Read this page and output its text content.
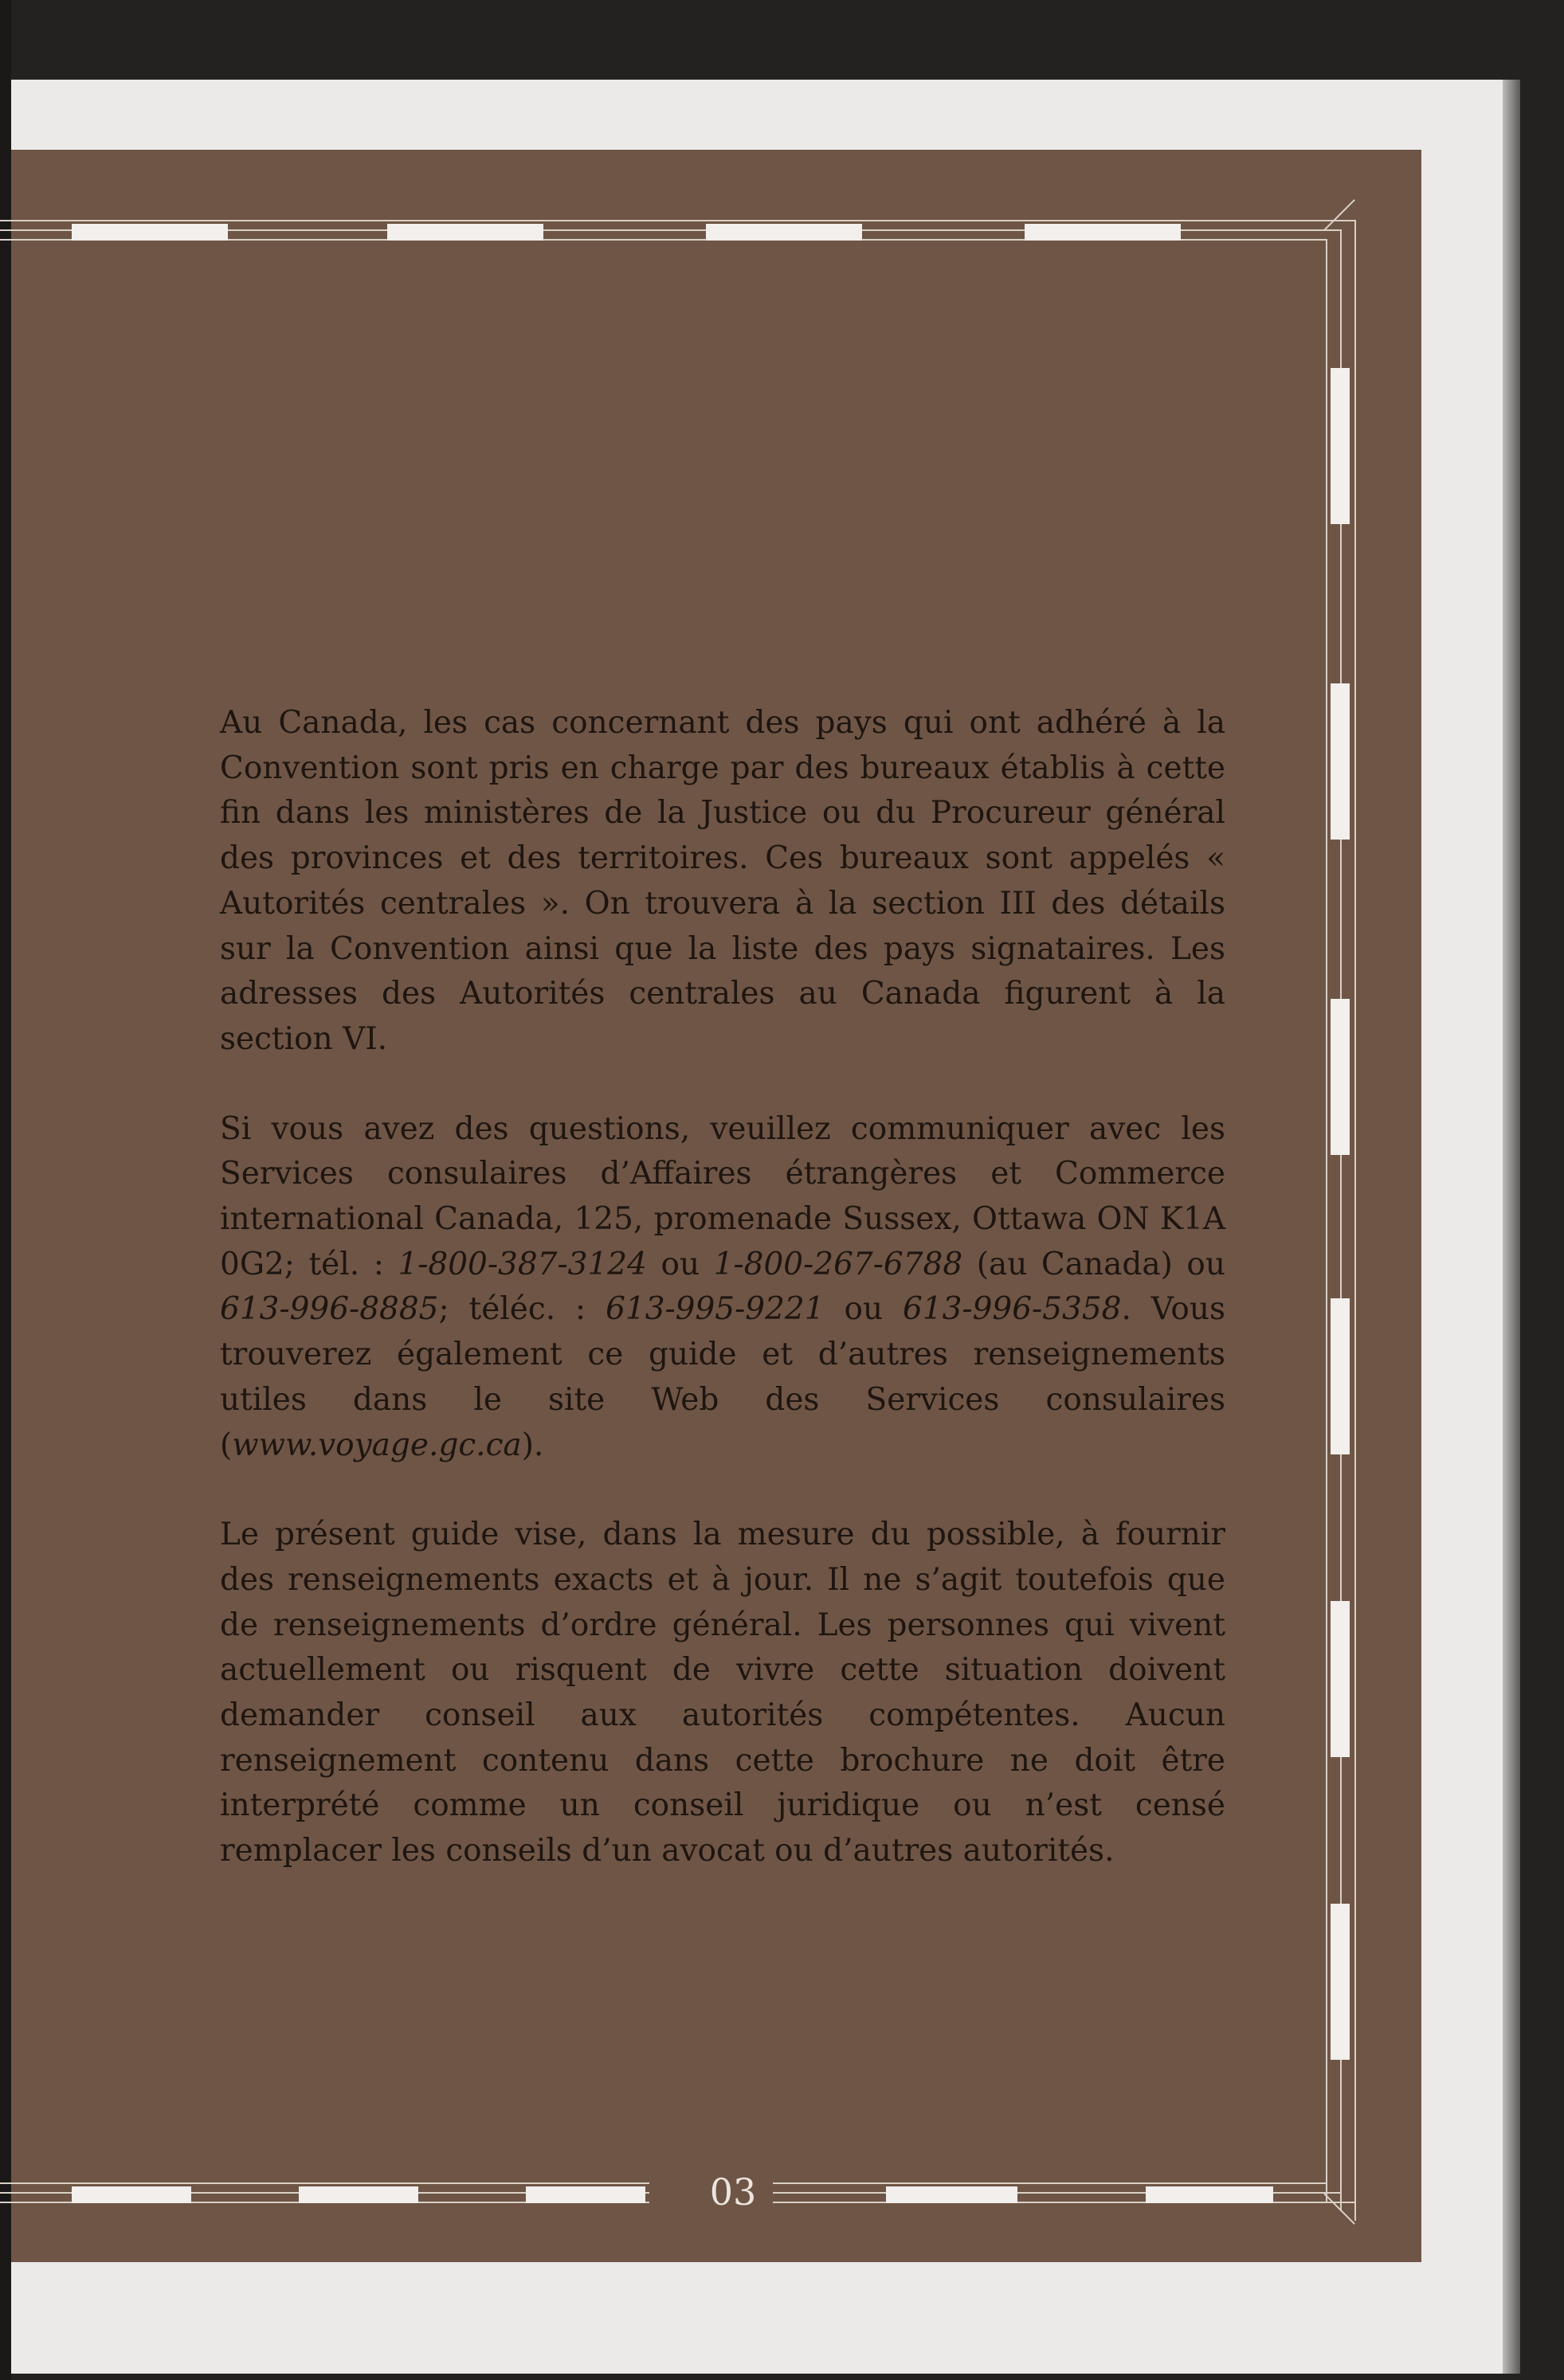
Au Canada, les cas concernant des pays qui ont adhéré à la Convention sont pris en charge par des bureaux établis à cette fin dans les ministères de la Justice ou du Procureur général des provinces et des territoires. Ces bureaux sont appelés « Autorités centrales ». On trouvera à la section III des détails sur la Convention ainsi que la liste des pays signataires. Les adresses des Autorités centrales au Canada figurent à la section VI.

Si vous avez des questions, veuillez communiquer avec les Services consulaires d’Affaires étrangères et Commerce international Canada, 125, promenade Sussex, Ottawa ON K1A 0G2; tél. : 1-800-387-3124 ou 1-800-267-6788 (au Canada) ou 613-996-8885; téléc. : 613-995-9221 ou 613-996-5358. Vous trouverez également ce guide et d’autres renseignements utiles dans le site Web des Services consulaires (www.voyage.gc.ca).

Le présent guide vise, dans la mesure du possible, à fournir des renseignements exacts et à jour. Il ne s’agit toutefois que de renseignements d’ordre général. Les personnes qui vivent actuellement ou risquent de vivre cette situation doivent demander conseil aux autorités compétentes. Aucun renseignement contenu dans cette brochure ne doit être interprété comme un conseil juridique ou n’est censé remplacer les conseils d’un avocat ou d’autres autorités.

03
